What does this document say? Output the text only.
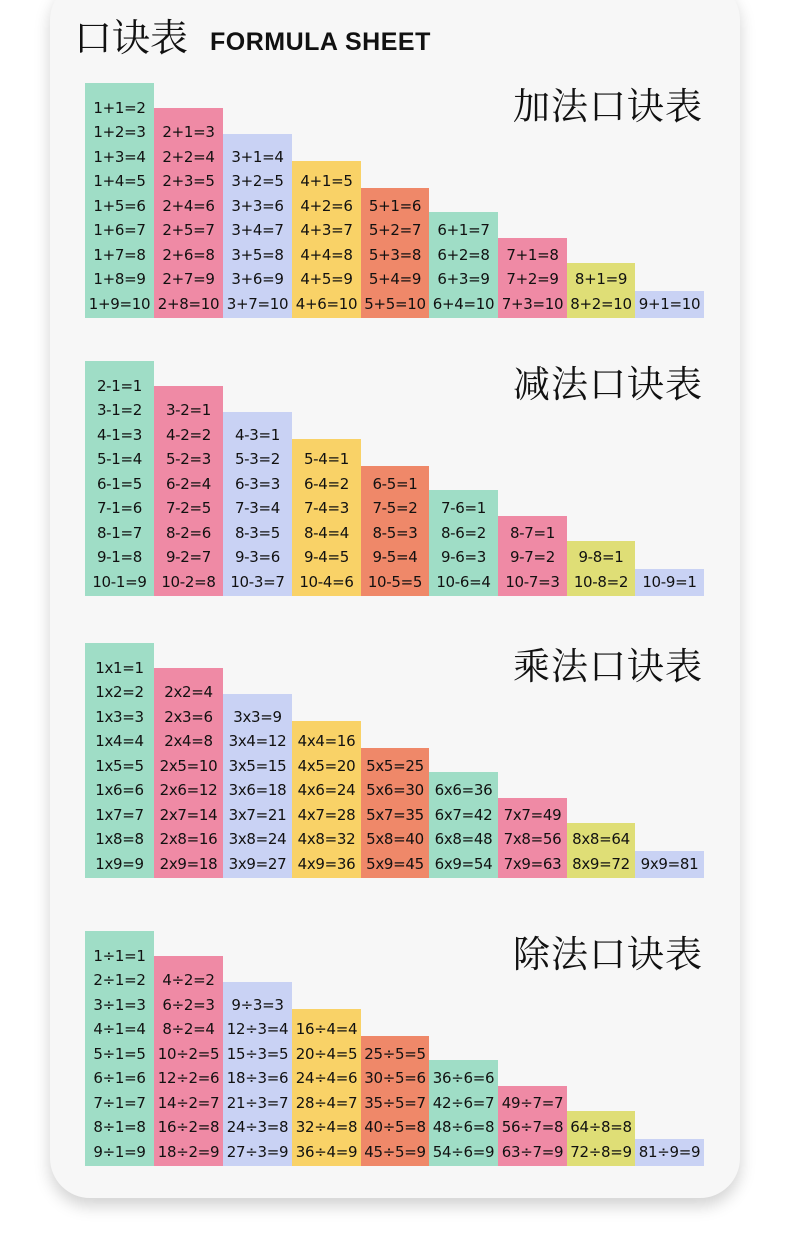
口诀表 FORMULA SHEET
加法口诀表
1+1=2
1+2=3
1+3=4
1+4=5
1+5=6
1+6=7
1+7=8
1+8=9
1+9=10
2+1=3
2+2=4
2+3=5
2+4=6
2+5=7
2+6=8
2+7=9
2+8=10
3+1=4
3+2=5
3+3=6
3+4=7
3+5=8
3+6=9
3+7=10
4+1=5
4+2=6
4+3=7
4+4=8
4+5=9
4+6=10
5+1=6
5+2=7
5+3=8
5+4=9
5+5=10
6+1=7
6+2=8
6+3=9
6+4=10
7+1=8
7+2=9
7+3=10
8+1=9
8+2=10 9+1=10
减法口诀表
2-1=1
3-1=2
4-1=3
5-1=4
6-1=5
7-1=6
8-1=7
9-1=8
10-1=9
3-2=1
4-2=2
5-2=3
6-2=4
7-2=5
8-2=6
9-2=7
10-2=8
4-3=1
5-3=2
6-3=3
7-3=4
8-3=5
9-3=6
10-3=7
5-4=1
6-4=2
7-4=3
8-4=4
9-4=5
10-4=6
6-5=1
7-5=2
8-5=3
9-5=4
10-5=5
7-6=1
8-6=2
9-6=3
10-6=4
8-7=1
9-7=2
10-7=3
9-8=1
10-8=2 10-9=1
乘法口诀表
1x1=1
1x2=2
1x3=3
1x4=4
1x5=5
1x6=6
1x7=7
1x8=8
1x9=9
2x2=4
2x3=6
2x4=8
2x5=10
2x6=12
2x7=14
2x8=16
2x9=18
3x3=9
3x4=12
3x5=15
3x6=18
3x7=21
3x8=24
3x9=27
4x4=16
4x5=20
4x6=24
4x7=28
4x8=32
4x9=36
5x5=25
5x6=30
5x7=35
5x8=40
5x9=45
6x6=36
6x7=42
6x8=48
6x9=54
7x7=49
7x8=56
7x9=63
8x8=64
8x9=72 9x9=81
除法口诀表
1÷1=1
2÷1=2
3÷1=3
4÷1=4
5÷1=5
6÷1=6
7÷1=7
8÷1=8
9÷1=9
4÷2=2
6÷2=3
8÷2=4
10÷2=5
12÷2=6
14÷2=7
16÷2=8
18÷2=9
9÷3=3
12÷3=4
15÷3=5
18÷3=6
21÷3=7
24÷3=8
27÷3=9
16÷4=4
20÷4=5
24÷4=6
28÷4=7
32÷4=8
36÷4=9
25÷5=5
30÷5=6
35÷5=7
40÷5=8
45÷5=9
36÷6=6
42÷6=7
48÷6=8
54÷6=9
49÷7=7
56÷7=8
63÷7=9
64÷8=8
72÷8=9 81÷9=9
